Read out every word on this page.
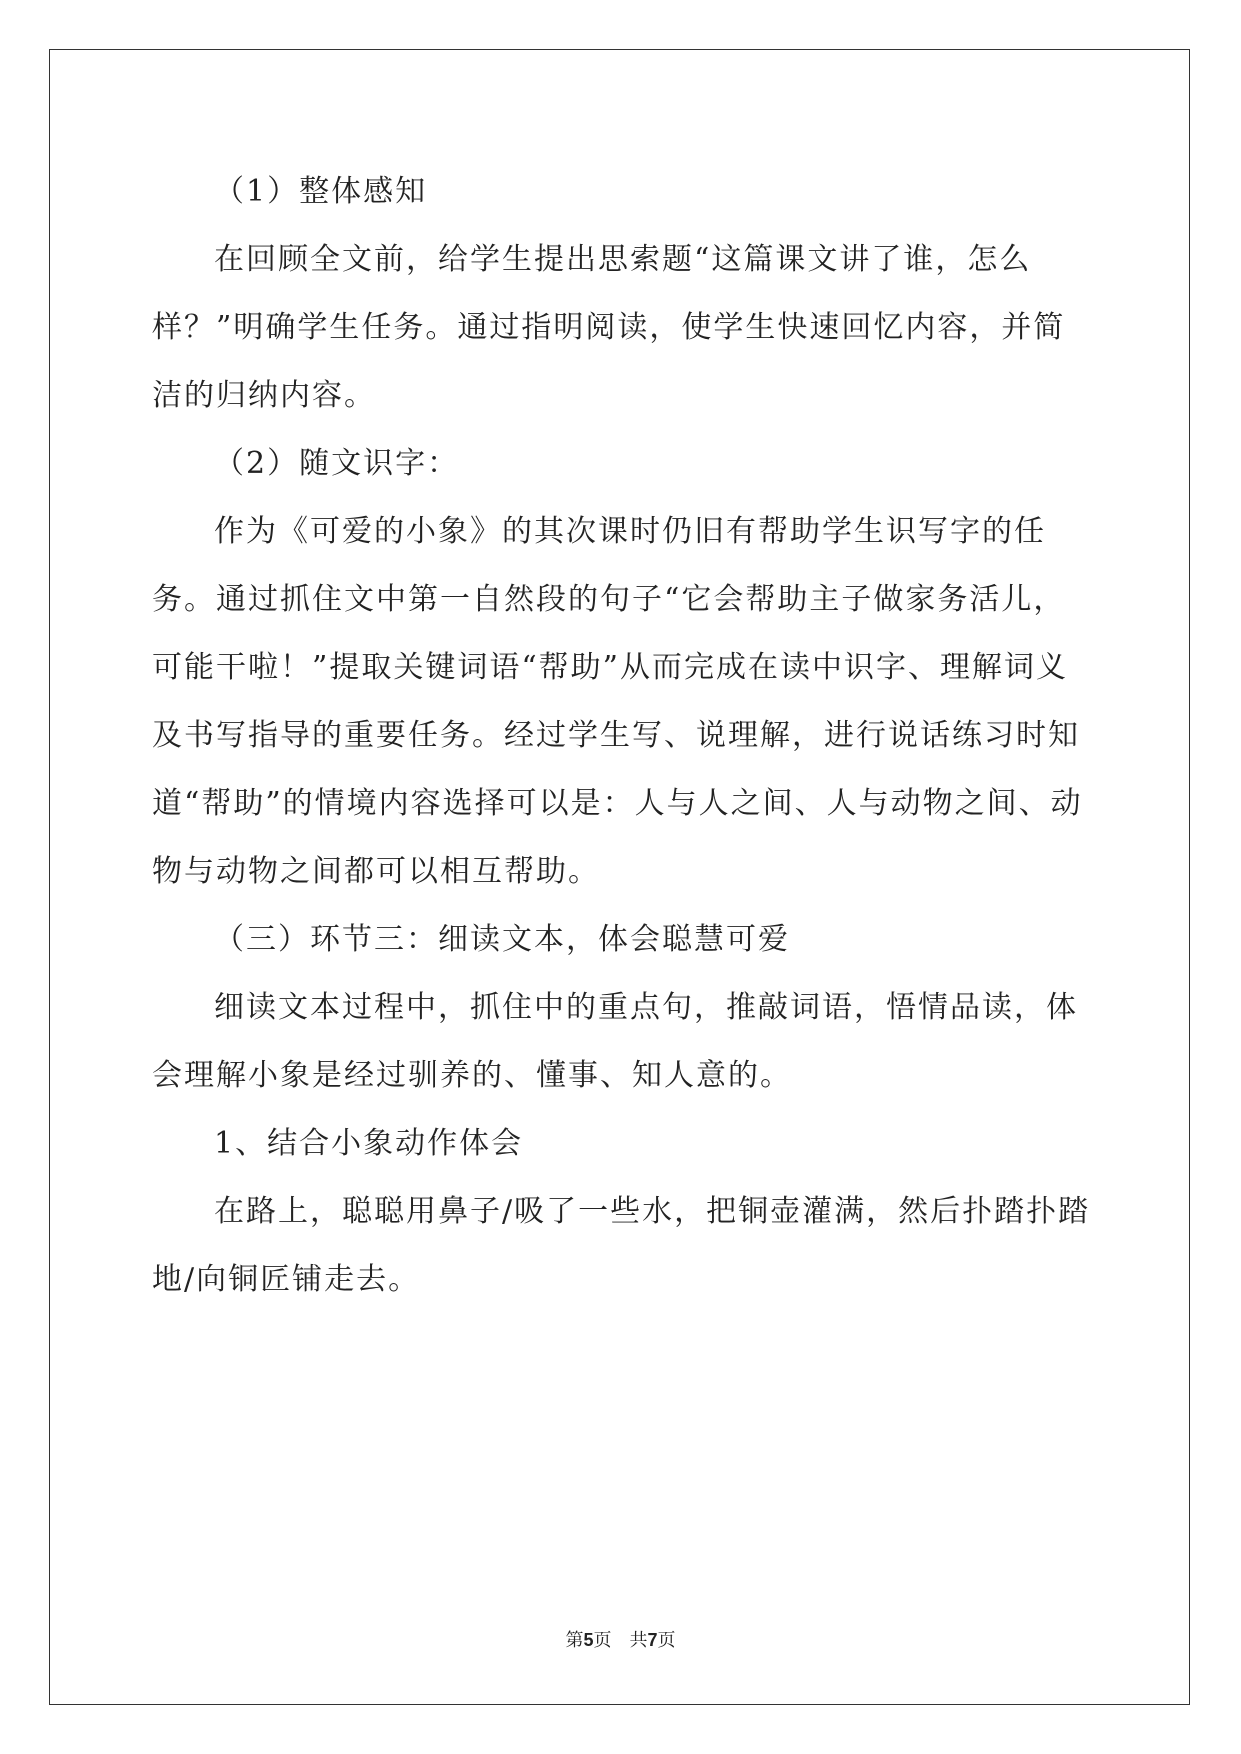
（1）整体感知

在回顾全文前，给学生提出思索题“这篇课文讲了谁，怎么样？”明确学生任务。通过指明阅读，使学生快速回忆内容，并简洁的归纳内容。

（2）随文识字：

作为《可爱的小象》的其次课时仍旧有帮助学生识写字的任务。通过抓住文中第一自然段的句子“它会帮助主子做家务活儿，可能干啦！”提取关键词语“帮助”从而完成在读中识字、理解词义及书写指导的重要任务。经过学生写、说理解，进行说话练习时知道“帮助”的情境内容选择可以是：人与人之间、人与动物之间、动物与动物之间都可以相互帮助。

（三）环节三：细读文本，体会聪慧可爱

细读文本过程中，抓住中的重点句，推敲词语，悟情品读，体会理解小象是经过驯养的、懂事、知人意的。

1、结合小象动作体会

在路上，聪聪用鼻子/吸了一些水，把铜壶灌满，然后扑踏扑踏地/向铜匠铺走去。

第5页 共7页
